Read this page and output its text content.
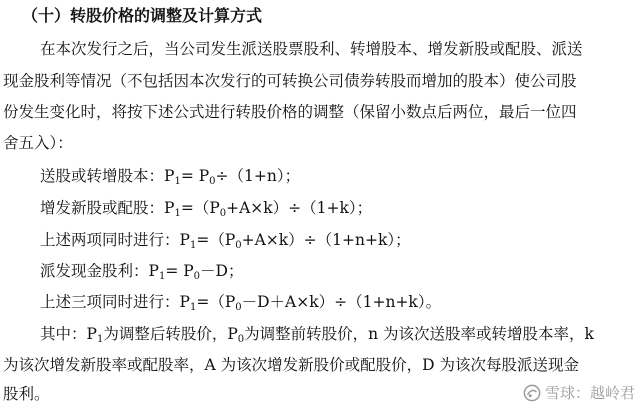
（十）转股价格的调整及计算方式
在本次发行之后，当公司发生派送股票股利、转增股本、增发新股或配股、派送
现金股利等情况（不包括因本次发行的可转换公司债券转股而增加的股本）使公司股
份发生变化时，将按下述公式进行转股价格的调整（保留小数点后两位，最后一位四
舍五入）：
送股或转增股本：$P_1= P_0\div(1+n)$；
增发新股或配股：$P_1=(P_0+A\times k)\div(1+k)$；
上述两项同时进行：$P_1=(P_0+A\times k)\div(1+n+k)$；
派发现金股利：$P_1= P_0-D$；
上述三项同时进行：$P_1=(P_0-D+A\times k)\div(1+n+k)$。
其中：$P_1$为调整后转股价，$P_0$为调整前转股价，n 为该次送股率或转增股本率，k
为该次增发新股率或配股率，A 为该次增发新股价或配股价，D 为该次每股派送现金
股利。	雪球：越岭君
